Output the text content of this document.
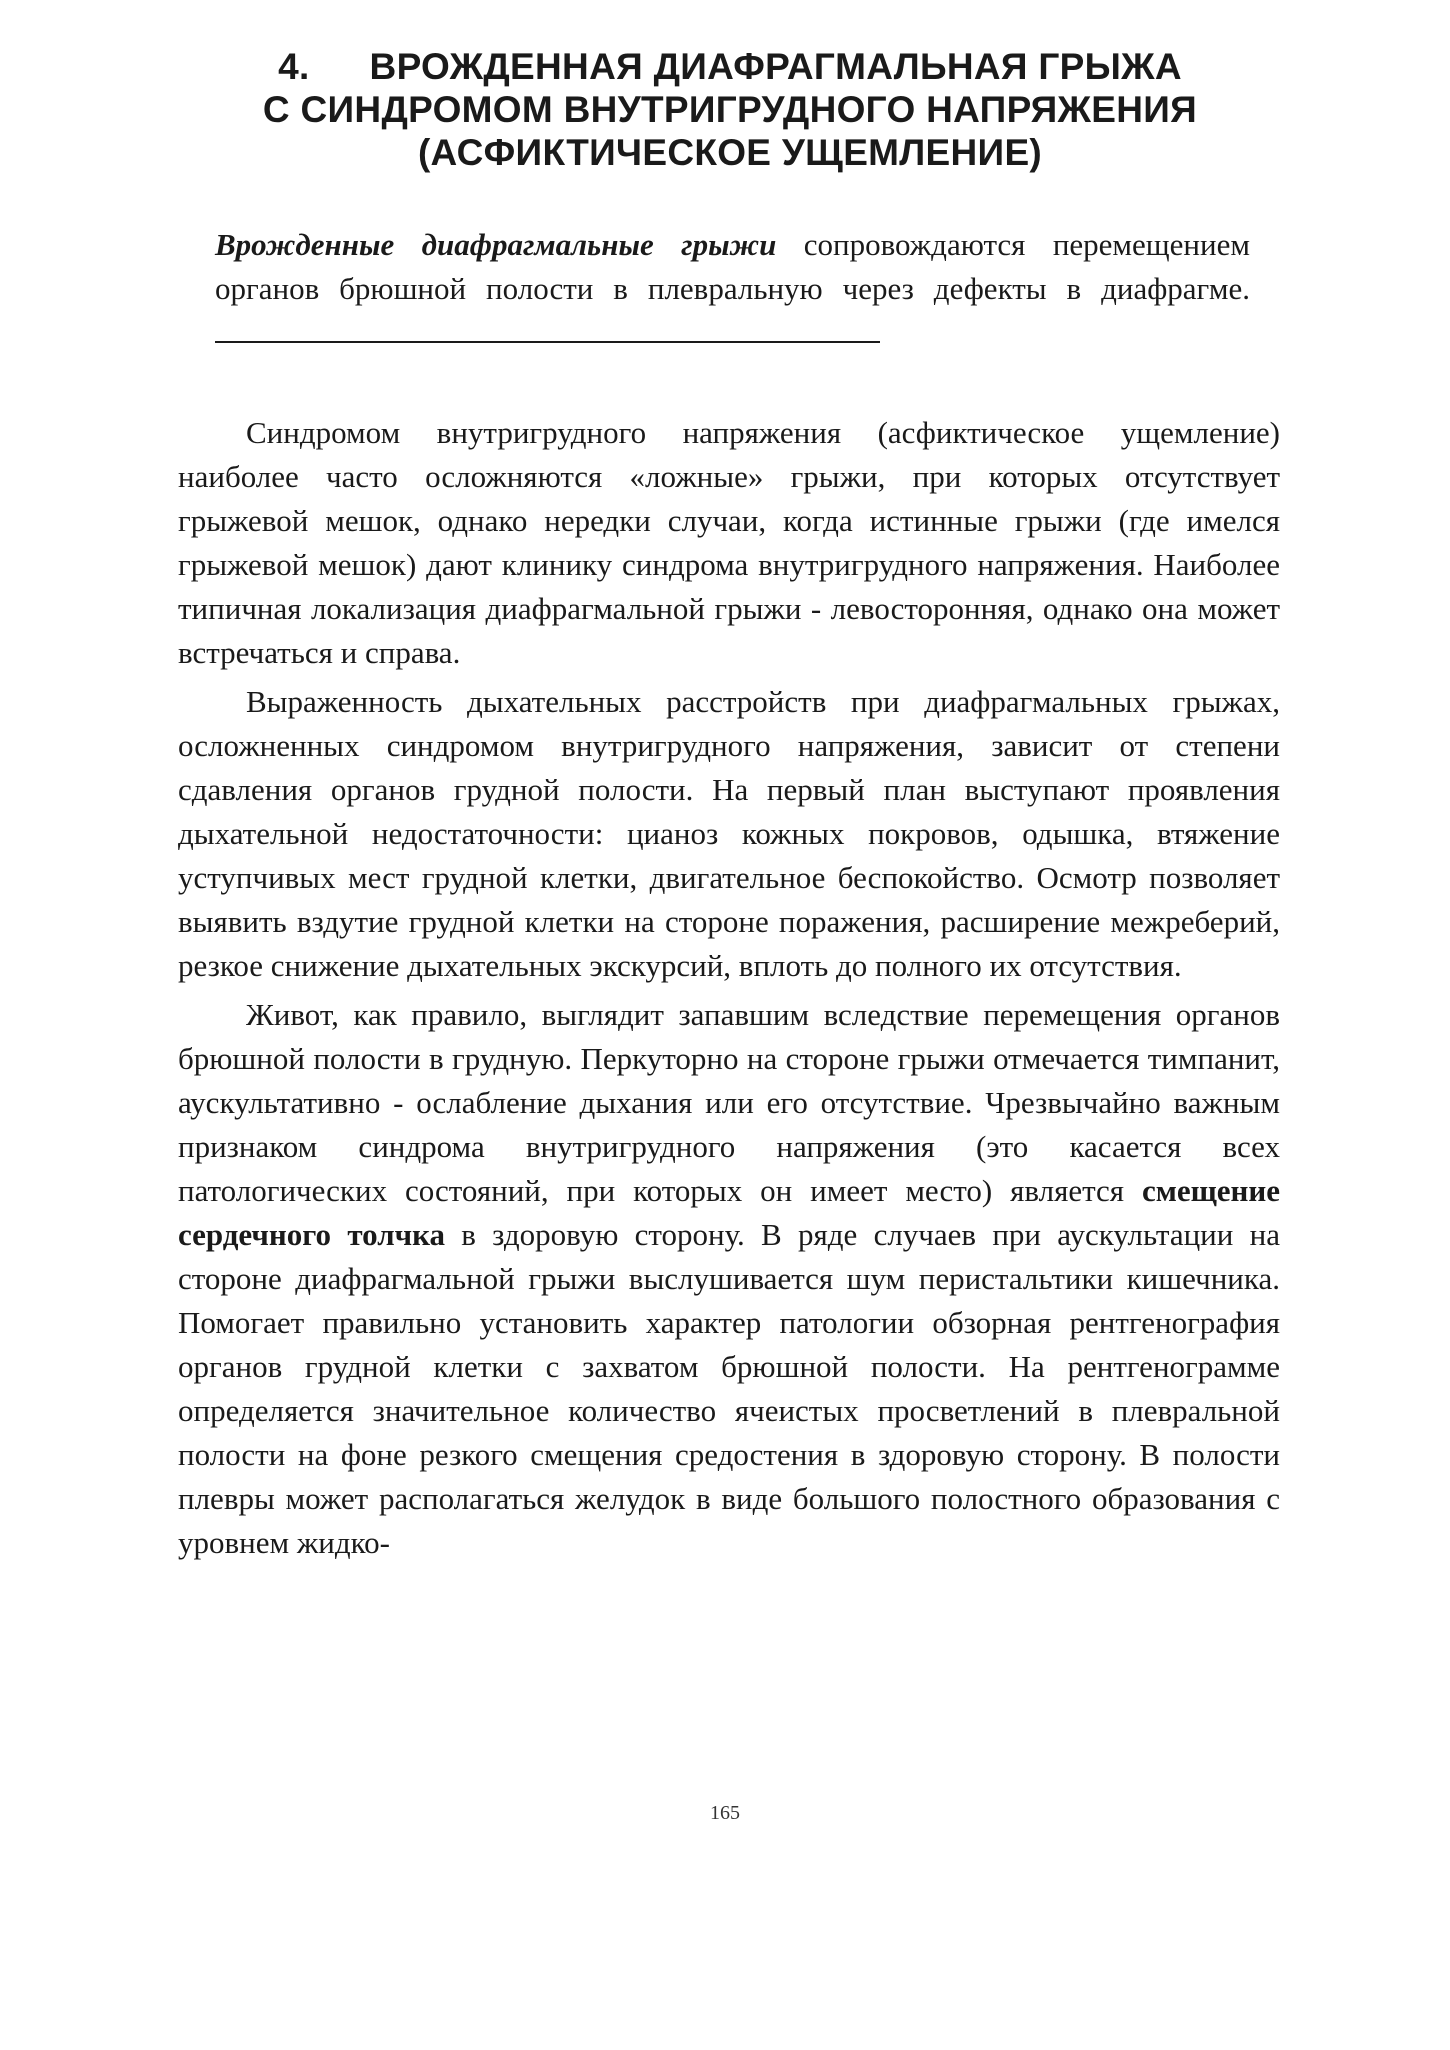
4. ВРОЖДЕННАЯ ДИАФРАГМАЛЬНАЯ ГРЫЖА
С СИНДРОМОМ ВНУТРИГРУДНОГО НАПРЯЖЕНИЯ
(АСФИКТИЧЕСКОЕ УЩЕМЛЕНИЕ)
Врожденные диафрагмальные грыжи сопровождаются перемещением органов брюшной полости в плевральную через дефекты в диафрагме.

Синдромом внутригрудного напряжения (асфиктическое ущемление) наиболее часто осложняются «ложные» грыжи, при которых отсутствует грыжевой мешок, однако нередки случаи, когда истинные грыжи (где имелся грыжевой мешок) дают клинику синдрома внутригрудного напряжения. Наиболее типичная локализация диафрагмальной грыжи - левосторонняя, однако она может встречаться и справа.

Выраженность дыхательных расстройств при диафрагмальных грыжах, осложненных синдромом внутригрудного напряжения, зависит от степени сдавления органов грудной полости. На первый план выступают проявления дыхательной недостаточности: цианоз кожных покровов, одышка, втяжение уступчивых мест грудной клетки, двигательное беспокойство. Осмотр позволяет выявить вздутие грудной клетки на стороне поражения, расширение межреберий, резкое снижение дыхательных экскурсий, вплоть до полного их отсутствия.

Живот, как правило, выглядит запавшим вследствие перемещения органов брюшной полости в грудную. Перкуторно на стороне грыжи отмечается тимпанит, аускультативно - ослабление дыхания или его отсутствие. Чрезвычайно важным признаком синдрома внутригрудного напряжения (это касается всех патологических состояний, при которых он имеет место) является смещение сердечного толчка в здоровую сторону. В ряде случаев при аускультации на стороне диафрагмальной грыжи выслушивается шум перистальтики кишечника. Помогает правильно установить характер патологии обзорная рентгенография органов грудной клетки с захватом брюшной полости. На рентгенограмме определяется значительное количество ячеистых просветлений в плевральной полости на фоне резкого смещения средостения в здоровую сторону. В полости плевры может располагаться желудок в виде большого полостного образования с уровнем жидко-

165
